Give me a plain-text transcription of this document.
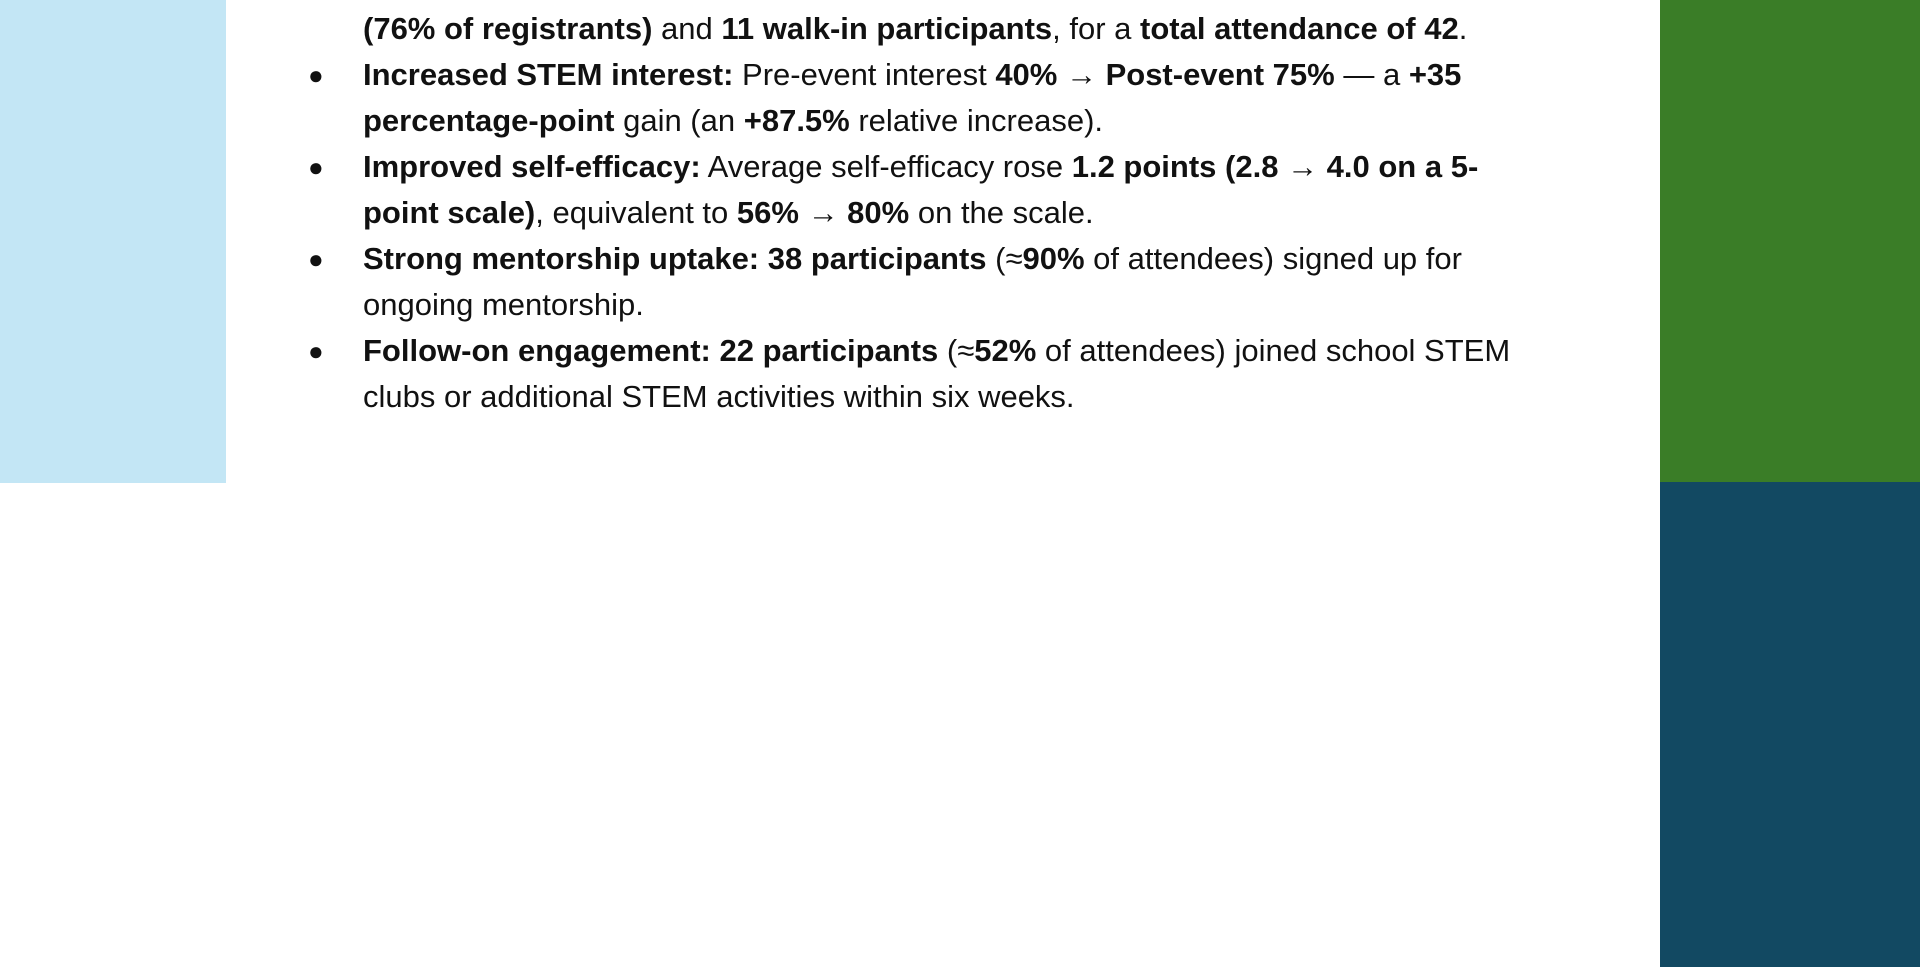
(76% of registrants) and 11 walk-in participants, for a total attendance of 42.
● Increased STEM interest: Pre-event interest 40% → Post-event 75% — a +35
percentage-point gain (an +87.5% relative increase).
● Improved self-efficacy: Average self-efficacy rose 1.2 points (2.8 → 4.0 on a 5-
point scale), equivalent to 56% → 80% on the scale.
● Strong mentorship uptake: 38 participants (≈90% of attendees) signed up for
ongoing mentorship.
● Follow-on engagement: 22 participants (≈52% of attendees) joined school STEM
clubs or additional STEM activities within six weeks.
